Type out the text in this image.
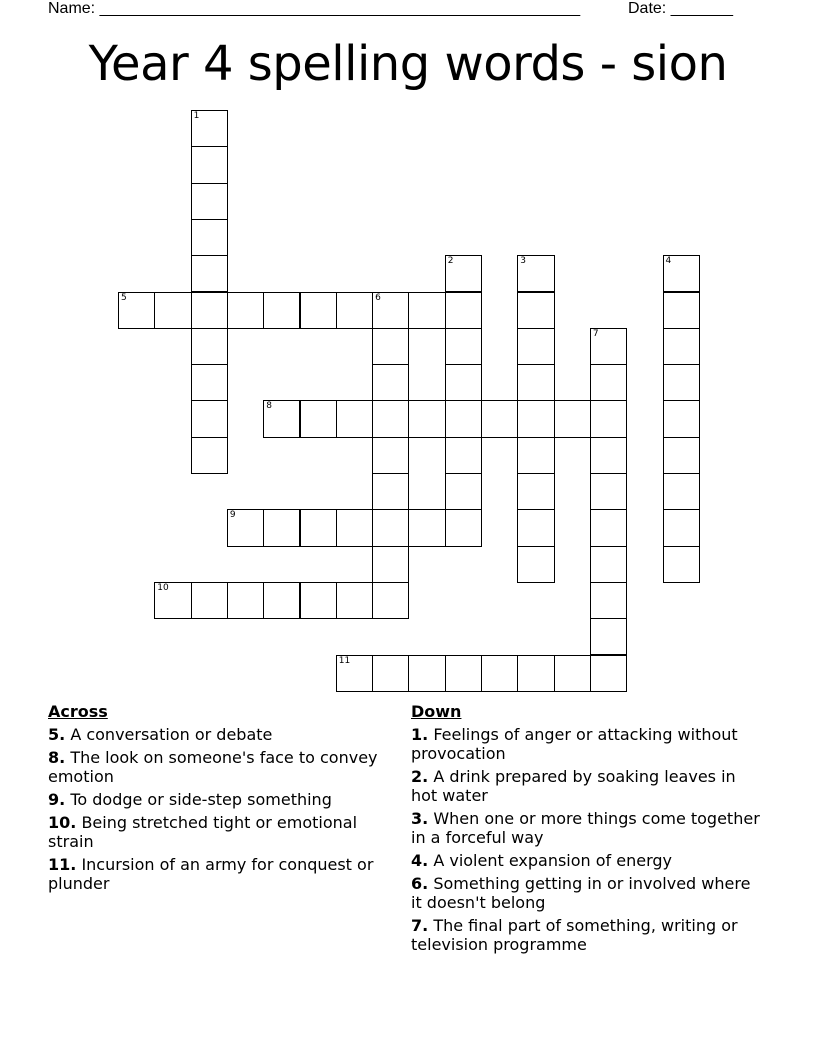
Name: ______________________________________________________	Date: _______
Year 4 spelling words - sion
1
2	3	4
5	6
7
8
9
10
11
Across
5. A conversation or debate
8. The look on someone's face to convey emotion
9. To dodge or side-step something
10. Being stretched tight or emotional strain
11. Incursion of an army for conquest or plunder
Down
1. Feelings of anger or attacking without provocation
2. A drink prepared by soaking leaves in hot water
3. When one or more things come together in a forceful way
4. A violent expansion of energy
6. Something getting in or involved where it doesn't belong
7. The final part of something, writing or television programme
